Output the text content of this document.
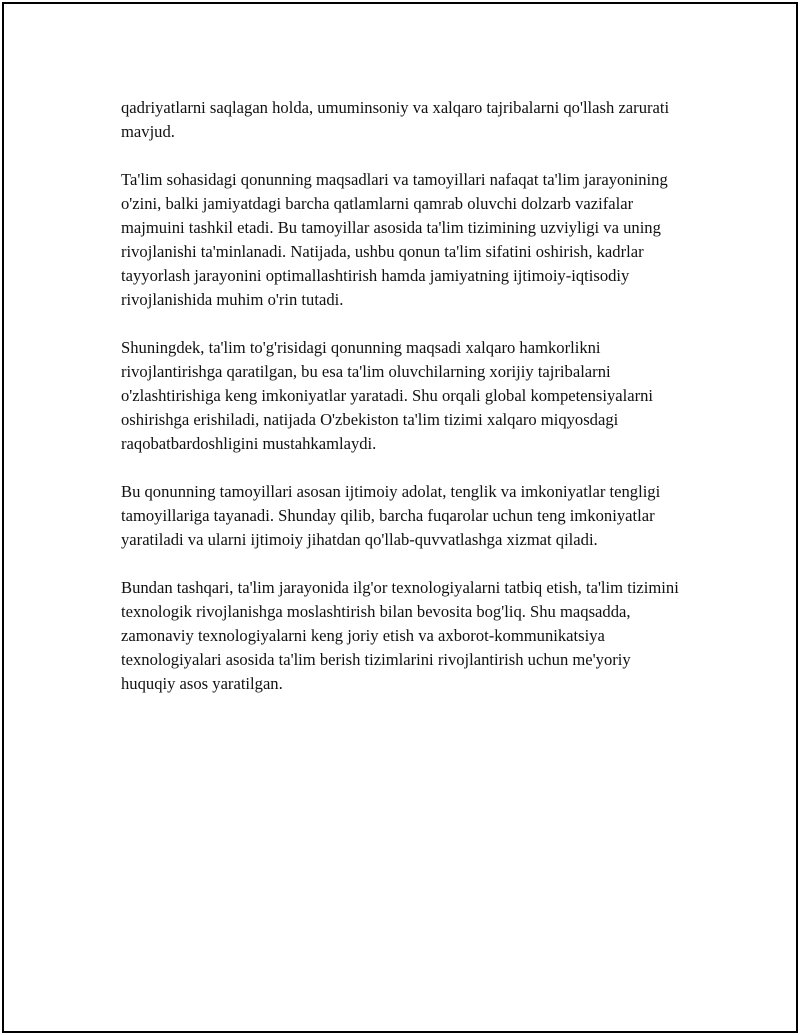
qadriyatlarni saqlagan holda, umuminsoniy va xalqaro tajribalarni qo'llash zarurati mavjud.

Ta'lim sohasidagi qonunning maqsadlari va tamoyillari nafaqat ta'lim jarayonining o'zini, balki jamiyatdagi barcha qatlamlarni qamrab oluvchi dolzarb vazifalar majmuini tashkil etadi. Bu tamoyillar asosida ta'lim tizimining uzviyligi va uning rivojlanishi ta'minlanadi. Natijada, ushbu qonun ta'lim sifatini oshirish, kadrlar tayyorlash jarayonini optimallashtirish hamda jamiyatning ijtimoiy-iqtisodiy rivojlanishida muhim o'rin tutadi.

Shuningdek, ta'lim to'g'risidagi qonunning maqsadi xalqaro hamkorlikni rivojlantirishga qaratilgan, bu esa ta'lim oluvchilarning xorijiy tajribalarni o'zlashtirishiga keng imkoniyatlar yaratadi. Shu orqali global kompetensiyalarni oshirishga erishiladi, natijada O'zbekiston ta'lim tizimi xalqaro miqyosdagi raqobatbardoshligini mustahkamlaydi.

Bu qonunning tamoyillari asosan ijtimoiy adolat, tenglik va imkoniyatlar tengligi tamoyillariga tayanadi. Shunday qilib, barcha fuqarolar uchun teng imkoniyatlar yaratiladi va ularni ijtimoiy jihatdan qo'llab-quvvatlashga xizmat qiladi.

Bundan tashqari, ta'lim jarayonida ilg'or texnologiyalarni tatbiq etish, ta'lim tizimini texnologik rivojlanishga moslashtirish bilan bevosita bog'liq. Shu maqsadda, zamonaviy texnologiyalarni keng joriy etish va axborot-kommunikatsiya texnologiyalari asosida ta'lim berish tizimlarini rivojlantirish uchun me'yoriy huquqiy asos yaratilgan.
